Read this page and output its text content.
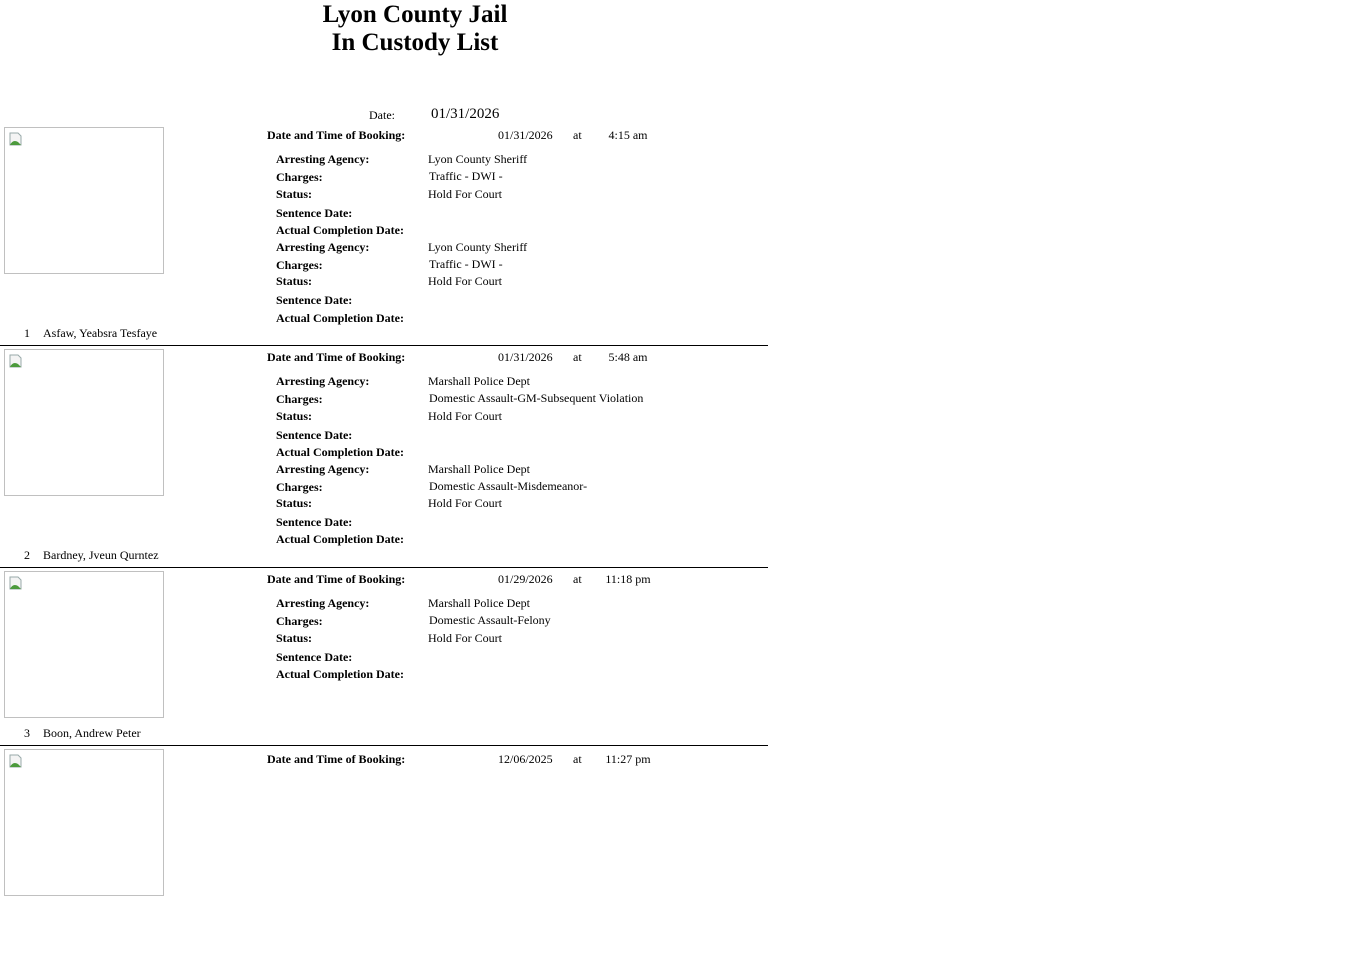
Lyon County Jail
In Custody List
Date: 01/31/2026
Date and Time of Booking:	01/31/2026 at	4:15 am
Arresting Agency:	Lyon County Sheriff
Charges:	Traffic - DWI -
Status:	Hold For Court
Sentence Date:
Actual Completion Date:
Arresting Agency:	Lyon County Sheriff
Charges:	Traffic - DWI -
Status:	Hold For Court
Sentence Date:
Actual Completion Date:
1 Asfaw, Yeabsra Tesfaye
Date and Time of Booking:	01/31/2026 at	5:48 am
Arresting Agency:	Marshall Police Dept
Charges:	Domestic Assault-GM-Subsequent Violation
Status:	Hold For Court
Sentence Date:
Actual Completion Date:
Arresting Agency:	Marshall Police Dept
Charges:	Domestic Assault-Misdemeanor-
Status:	Hold For Court
Sentence Date:
Actual Completion Date:
2 Bardney, Jveun Qurntez
Date and Time of Booking:	01/29/2026 at 11:18 pm
Arresting Agency:	Marshall Police Dept
Charges:	Domestic Assault-Felony
Status:	Hold For Court
Sentence Date:
Actual Completion Date:
3 Boon, Andrew Peter
Date and Time of Booking:	12/06/2025 at 11:27 pm
